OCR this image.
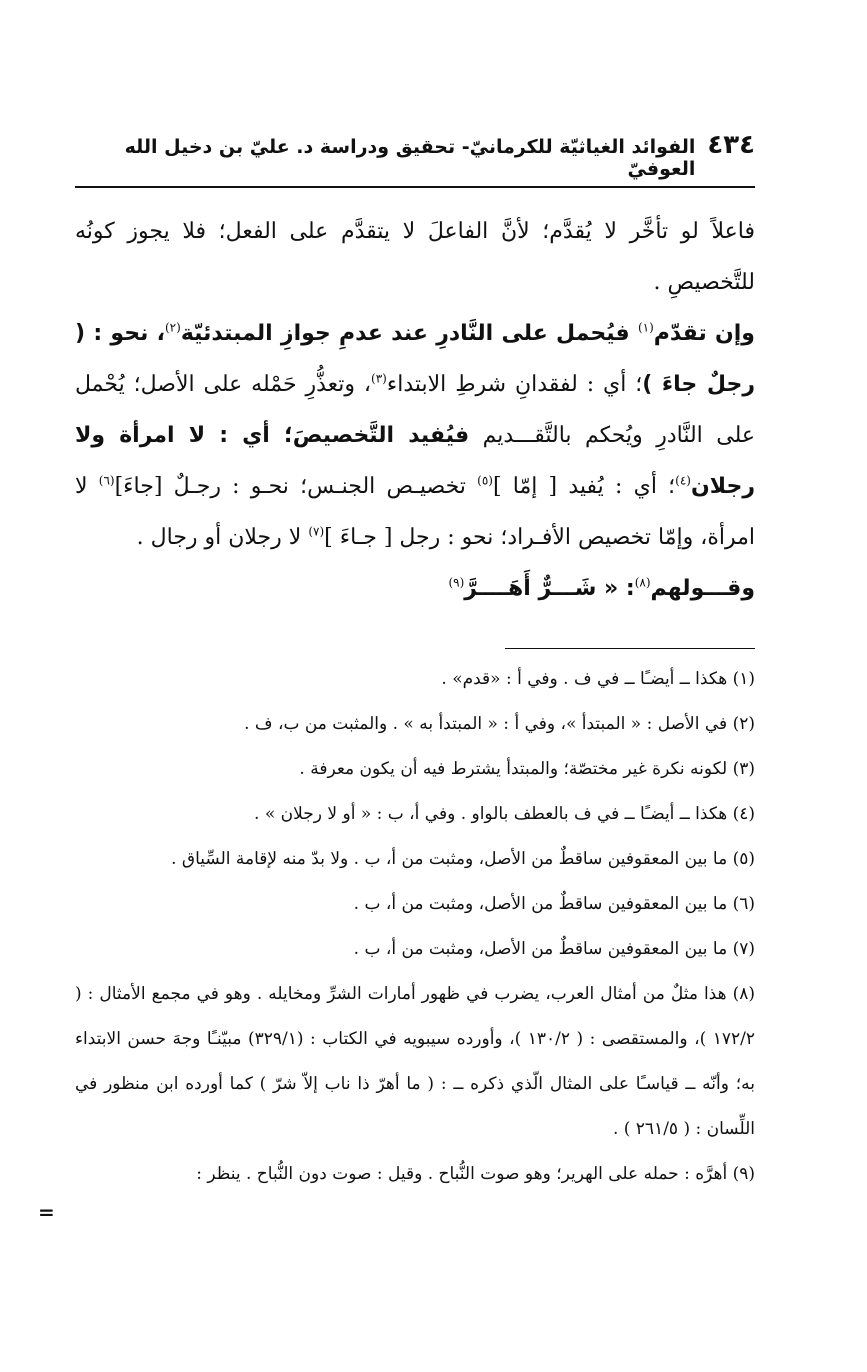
٤٣٤
الفوائد الغياثيّة للكرمانيّ- تحقيق ودراسة د. عليّ بن دخيل الله العوفيّ

فاعلاً لو تأخَّر لا يُقدَّم؛ لأنَّ الفاعلَ لا يتقدَّم على الفعل؛ فلا يجوز كونُه للتَّخصيصِ .

وإن تقدّم$^{(١)}$ فيُحمل على النَّادرِ عند عدمِ جوازِ المبتدئيّة$^{(٢)}$، نحو : ( رجلٌ جاءَ )؛ أي : لفقدانِ شرطِ الابتداء$^{(٣)}$، وتعذُّرِ حَمْله على الأصل؛ يُحْمل على النَّادرِ ويُحكم بالتَّقـــديم فيُفيد التَّخصيصَ؛ أي : لا امرأة ولا رجلان$^{(٤)}$؛ أي : يُفيد [ إمّا ]$^{(٥)}$ تخصيـص الجنـس؛ نحـو : رجـلٌ [جاءَ]$^{(٦)}$ لا امرأة، وإمّا تخصيص الأفـراد؛ نحو : رجل [ جـاءَ ]$^{(٧)}$ لا رجلان أو رجال .

وقـــولهم$^{(٨)}$: « شَـــرٌّ أَهَــــرَّ$^{(٩)}$

(١) هكذا ــ أيضـًا ــ في ف . وفي أ : «قدم» .

(٢) في الأصل : « المبتدأ »، وفي أ : « المبتدأ به » . والمثبت من ب، ف .

(٣) لكونه نكرة غير مختصّة؛ والمبتدأ يشترط فيه أن يكون معرفة .

(٤) هكذا ــ أيضـًا ــ في ف بالعطف بالواو . وفي أ، ب : « أو لا رجلان » .

(٥) ما بين المعقوفين ساقطٌ من الأصل، ومثبت من أ، ب . ولا بدّ منه لإقامة السِّياق .

(٦) ما بين المعقوفين ساقطٌ من الأصل، ومثبت من أ، ب .

(٧) ما بين المعقوفين ساقطٌ من الأصل، ومثبت من أ، ب .

(٨) هذا مثلٌ من أمثال العرب، يضرب في ظهور أمارات الشرِّ ومخايله . وهو في مجمع الأمثال : ( ١٧٢/٢ )، والمستقصى : ( ١٣٠/٢ )، وأورده سيبويه في الكتاب : (٣٢٩/١) مبيّنـًا وجهَ حسن الابتداء به؛ وأنّه ــ قياسـًا على المثال الّذي ذكره ــ : ( ما أهرّ ذا ناب إلاّ شرّ ) كما أورده ابن منظور في اللِّسان : ( ٢٦١/٥ ) .

(٩) أهرَّه : حمله على الهرير؛ وهو صوت النُّباح . وقيل : صوت دون النُّباح . ينظر :

=
